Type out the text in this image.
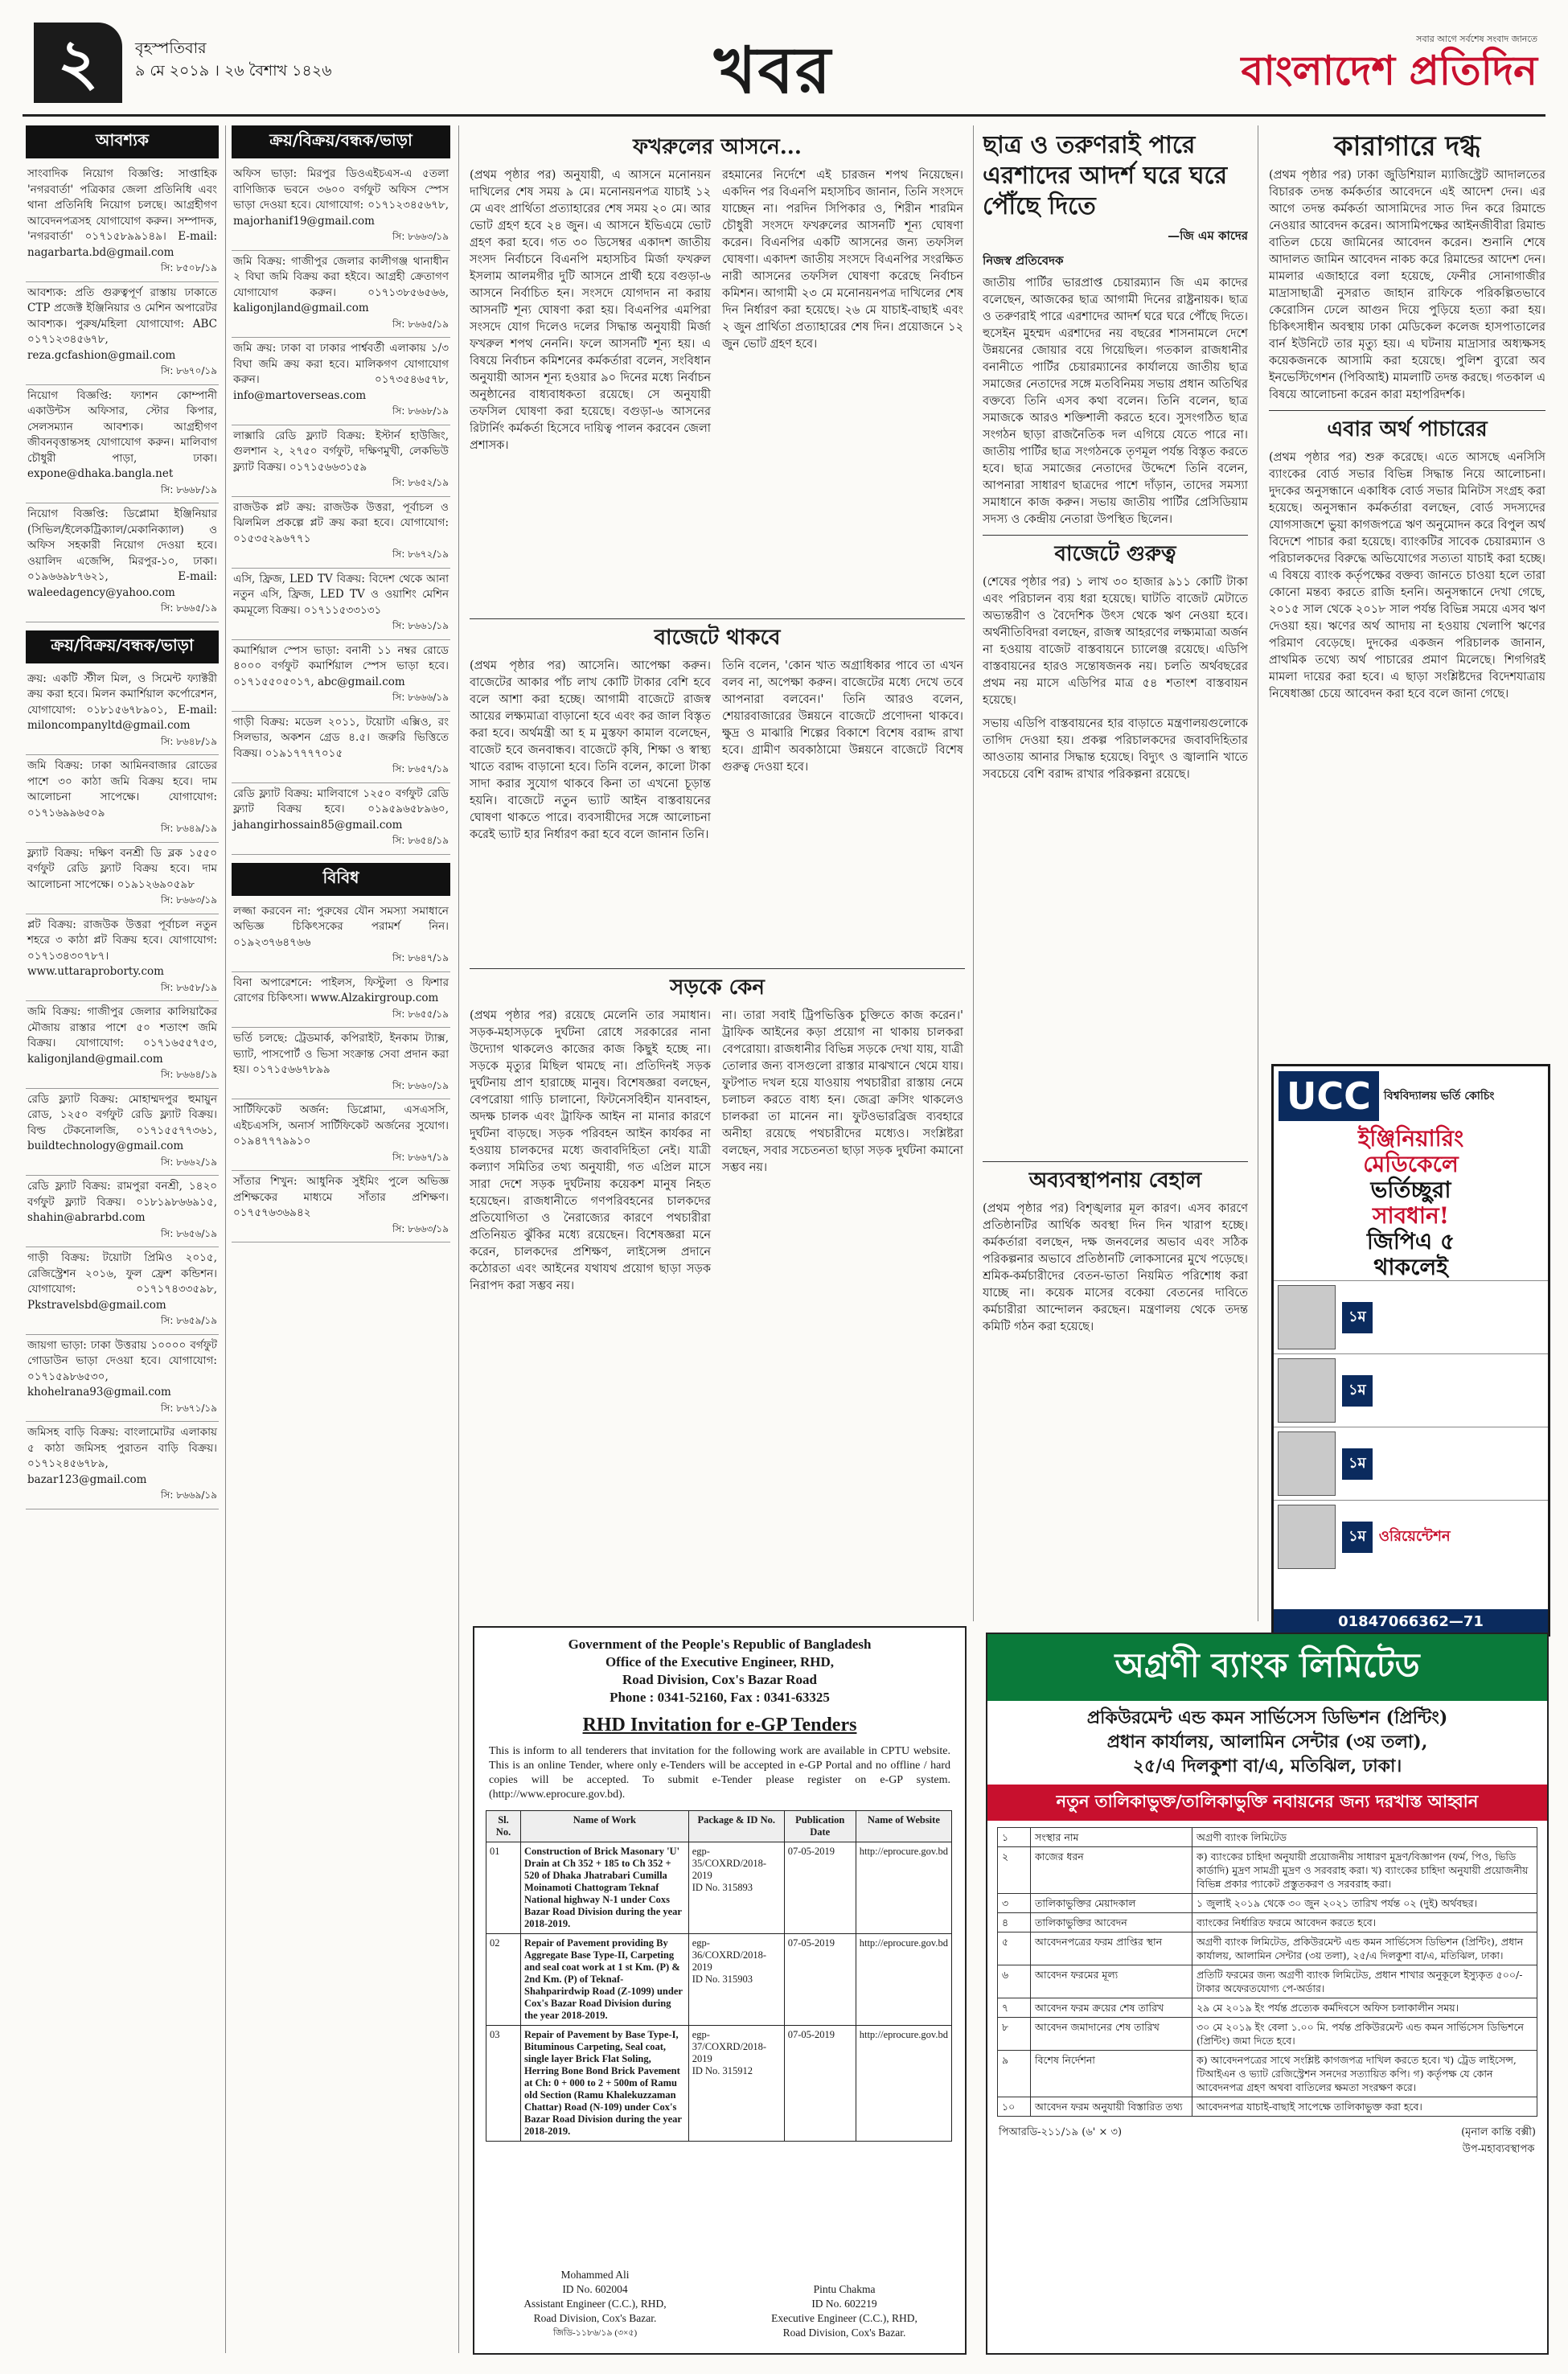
২	বৃহস্পতিবার
৯ মে ২০১৯ । ২৬ বৈশাখ ১৪২৬	খবর	সবার আগে সর্বশেষ সংবাদ জানতে
বাংলাদেশ প্রতিদিন
আবশ্যক
সাংবাদিক নিয়োগ বিজ্ঞপ্তি: সাপ্তাহিক 'নগরবার্তা' পত্রিকার জেলা প্রতিনিধি এবং থানা প্রতিনিধি নিয়োগ চলছে। আগ্রহীগণ আবেদনপত্রসহ যোগাযোগ করুন। সম্পাদক, 'নগরবার্তা' ০১৭১৫৮৯৯১৪৯। E-mail: nagarbarta.bd@gmail.com
সি: ৮৫০৮/১৯
আবশ্যক: প্রতি গুরুত্বপূর্ণ রাস্তায় ঢাকাতে CTP প্রজেক্ট ইঞ্জিনিয়ার ও মেশিন অপারেটর আবশ্যক। পুরুষ/মহিলা যোগাযোগ: ABC ০১৭১২৩৪৫৬৭৮, reza.gcfashion@gmail.com
সি: ৮৬৭০/১৯
নিয়োগ বিজ্ঞপ্তি: ফ্যাশন কোম্পানী একাউন্টস অফিসার, স্টোর কিপার, সেলসম্যান আবশ্যক। আগ্রহীগণ জীবনবৃত্তান্তসহ যোগাযোগ করুন। মালিবাগ চৌধুরী পাড়া, ঢাকা। expone@dhaka.bangla.net
সি: ৮৬৬৮/১৯
নিয়োগ বিজ্ঞপ্তি: ডিপ্লোমা ইঞ্জিনিয়ার (সিভিল/ইলেকট্রিক্যাল/মেকানিক্যাল) ও অফিস সহকারী নিয়োগ দেওয়া হবে। ওয়ালিদ এজেন্সি, মিরপুর-১০, ঢাকা। ০১৯৬৬৯৮৭৬২১, E-mail: waleedagency@yahoo.com
সি: ৮৬৬৫/১৯
ক্রয়/বিক্রয়/বন্ধক/ভাড়া
ক্রয়: একটি স্টীল মিল, ও সিমেন্ট ফ্যাক্টরী ক্রয় করা হবে। মিলন কমার্শিয়াল কর্পোরেশন, যোগাযোগ: ০১৮১৫৬৭৮৯০১, E-mail: miloncompanyltd@gmail.com
সি: ৮৬৪৮/১৯
জমি বিক্রয়: ঢাকা আমিনবাজার রোডের পাশে ৩০ কাঠা জমি বিক্রয় হবে। দাম আলোচনা সাপেক্ষে। যোগাযোগ: ০১৭১৬৯৯৬৫০৯
সি: ৮৬৪৯/১৯
ফ্ল্যাট বিক্রয়: দক্ষিণ বনশ্রী ডি ব্লক ১৫৫০ বর্গফুট রেডি ফ্ল্যাট বিক্রয় হবে। দাম আলোচনা সাপেক্ষে। ০১৯১২৬৯০৫৯৮
সি: ৮৬৬৩/১৯
প্লট বিক্রয়: রাজউক উত্তরা পূর্বাচল নতুন শহরে ৩ কাঠা প্লট বিক্রয় হবে। যোগাযোগ: ০১৭১৩৪৩০৭৮৭। www.uttaraproborty.com
সি: ৮৬৫৮/১৯
জমি বিক্রয়: গাজীপুর জেলার কালিয়াকৈর মৌজায় রাস্তার পাশে ৫০ শতাংশ জমি বিক্রয়। যোগাযোগ: ০১৭১৬৫৫৭৫৩, kaligonjland@gmail.com
সি: ৮৬৬৪/১৯
রেডি ফ্ল্যাট বিক্রয়: মোহাম্মদপুর হুমায়ুন রোড, ১২৫০ বর্গফুট রেডি ফ্ল্যাট বিক্রয়। বিল্ড টেকনোলজি, ০১৭১৫৫৭৭৩৬১, buildtechnology@gmail.com
সি: ৮৬৬২/১৯
রেডি ফ্ল্যাট বিক্রয়: রামপুরা বনশ্রী, ১৪২০ বর্গফুট ফ্ল্যাট বিক্রয়। ০১৮১৯৮৬৬৯১৫, shahin@abrarbd.com
সি: ৮৬৫৬/১৯
গাড়ী বিক্রয়: টয়োটা প্রিমিও ২০১৫, রেজিস্ট্রেশন ২০১৬, ফুল ফ্রেশ কন্ডিশন। যোগাযোগ: ০১৭১৭৪৩৩৫৯৮, Pkstravelsbd@gmail.com
সি: ৮৬৫৯/১৯
জায়গা ভাড়া: ঢাকা উত্তরায় ১০০০০ বর্গফুট গোডাউন ভাড়া দেওয়া হবে। যোগাযোগ: ০১৭১৫৯৮৬৫৩০, khohelrana93@gmail.com
সি: ৮৬৭১/১৯
জমিসহ বাড়ি বিক্রয়: বাংলামোটর এলাকায় ৫ কাঠা জমিসহ পুরাতন বাড়ি বিক্রয়। ০১৭১২৪৫৬৭৮৯, bazar123@gmail.com
সি: ৮৬৬৯/১৯
ক্রয়/বিক্রয়/বন্ধক/ভাড়া
অফিস ভাড়া: মিরপুর ডিওএইচএস-এ ৫তলা বাণিজ্যিক ভবনে ৩৬০০ বর্গফুট অফিস স্পেস ভাড়া দেওয়া হবে। যোগাযোগ: ০১৭১২৩৪৫৬৭৮, majorhanif19@gmail.com
সি: ৮৬৬৩/১৯
জমি বিক্রয়: গাজীপুর জেলার কালীগঞ্জ থানাধীন ২ বিঘা জমি বিক্রয় করা হইবে। আগ্রহী ক্রেতাগণ যোগাযোগ করুন। ০১৭১৩৮৫৬৫৬৬, kaligonjland@gmail.com
সি: ৮৬৬৫/১৯
জমি ক্রয়: ঢাকা বা ঢাকার পার্শ্ববর্তী এলাকায় ১/৩ বিঘা জমি ক্রয় করা হবে। মালিকগণ যোগাযোগ করুন। ০১৭৩৫৪৬৫৭৮, info@martoverseas.com
সি: ৮৬৬৮/১৯
লাক্সারি রেডি ফ্ল্যাট বিক্রয়: ইস্টার্ন হাউজিং, গুলশান ২, ২৭৫০ বর্গফুট, দক্ষিণমুখী, লেকভিউ ফ্ল্যাট বিক্রয়। ০১৭১৫৬৬৩১৫৯
সি: ৮৬৫২/১৯
রাজউক প্লট ক্রয়: রাজউক উত্তরা, পূর্বাচল ও ঝিলমিল প্রকল্পে প্লট ক্রয় করা হবে। যোগাযোগ: ০১৫৩৫২৯৬৭৭১
সি: ৮৬৭২/১৯
এসি, ফ্রিজ, LED TV বিক্রয়: বিদেশ থেকে আনা নতুন এসি, ফ্রিজ, LED TV ও ওয়াশিং মেশিন কমমূল্যে বিক্রয়। ০১৭১১৫৩৩১৩১
সি: ৮৬৬১/১৯
কমার্শিয়াল স্পেস ভাড়া: বনানী ১১ নম্বর রোডে ৪০০০ বর্গফুট কমার্শিয়াল স্পেস ভাড়া হবে। ০১৭১৫৫০৫০১৭, abc@gmail.com
সি: ৮৬৬৬/১৯
গাড়ী বিক্রয়: মডেল ২০১১, টয়োটা এক্সিও, রং সিলভার, অকশন গ্রেড ৪.৫। জরুরি ভিত্তিতে বিক্রয়। ০১৯১৭৭৭৭০১৫
সি: ৮৬৫৭/১৯
রেডি ফ্ল্যাট বিক্রয়: মালিবাগে ১২৫০ বর্গফুট রেডি ফ্ল্যাট বিক্রয় হবে। ০১৯৫৯৬৫৮৯৬০, jahangirhossain85@gmail.com
সি: ৮৬৫৪/১৯
বিবিধ
লজ্জা করবেন না: পুরুষের যৌন সমস্যা সমাধানে অভিজ্ঞ চিকিৎসকের পরামর্শ নিন। ০১৯২৩৭৬৪৭৬৬
সি: ৮৬৪৭/১৯
বিনা অপারেশনে: পাইলস, ফিস্টুলা ও ফিশার রোগের চিকিৎসা। www.Alzakirgroup.com
সি: ৮৬৫৫/১৯
ভর্তি চলছে: ট্রেডমার্ক, কপিরাইট, ইনকাম ট্যাক্স, ভ্যাট, পাসপোর্ট ও ভিসা সংক্রান্ত সেবা প্রদান করা হয়। ০১৭১৫৬৬৭৮৯৯
সি: ৮৬৬০/১৯
সার্টিফিকেট অর্জন: ডিপ্লোমা, এসএসসি, এইচএসসি, অনার্স সার্টিফিকেট অর্জনের সুযোগ। ০১৯৪৭৭৭৯৯১০
সি: ৮৬৬৭/১৯
সাঁতার শিখুন: আধুনিক সুইমিং পুলে অভিজ্ঞ প্রশিক্ষকের মাধ্যমে সাঁতার প্রশিক্ষণ। ০১৭৫৭৬৩৬৯৪২
সি: ৮৬৬৩/১৯
ফখরুলের আসনে...

(প্রথম পৃষ্ঠার পর) অনুযায়ী, এ আসনে মনোনয়ন দাখিলের শেষ সময় ৯ মে। মনোনয়নপত্র যাচাই ১২ মে এবং প্রার্থিতা প্রত্যাহারের শেষ সময় ২০ মে। আর ভোট গ্রহণ হবে ২৪ জুন। এ আসনে ইভিএমে ভোট গ্রহণ করা হবে। গত ৩০ ডিসেম্বর একাদশ জাতীয় সংসদ নির্বাচনে বিএনপি মহাসচিব মির্জা ফখরুল ইসলাম আলমগীর দুটি আসনে প্রার্থী হয়ে বগুড়া-৬ আসনে নির্বাচিত হন। সংসদে যোগদান না করায় আসনটি শূন্য ঘোষণা করা হয়। বিএনপির এমপিরা সংসদে যোগ দিলেও দলের সিদ্ধান্ত অনুযায়ী মির্জা ফখরুল শপথ নেননি। ফলে আসনটি শূন্য হয়। এ বিষয়ে নির্বাচন কমিশনের কর্মকর্তারা বলেন, সংবিধান অনুযায়ী আসন শূন্য হওয়ার ৯০ দিনের মধ্যে নির্বাচন অনুষ্ঠানের বাধ্যবাধকতা রয়েছে। সে অনুযায়ী তফসিল ঘোষণা করা হয়েছে। বগুড়া-৬ আসনের রিটার্নিং কর্মকর্তা হিসেবে দায়িত্ব পালন করবেন জেলা প্রশাসক।

রহমানের নির্দেশে এই চারজন শপথ নিয়েছেন। একদিন পর বিএনপি মহাসচিব জানান, তিনি সংসদে যাচ্ছেন না। পরদিন সিপিকার ও, শিরীন শারমিন চৌধুরী সংসদে ফখরুলের আসনটি শূন্য ঘোষণা করেন। বিএনপির একটি আসনের জন্য তফসিল ঘোষণা। একাদশ জাতীয় সংসদে বিএনপির সংরক্ষিত নারী আসনের তফসিল ঘোষণা করেছে নির্বাচন কমিশন। আগামী ২৩ মে মনোনয়নপত্র দাখিলের শেষ দিন নির্ধারণ করা হয়েছে। ২৬ মে যাচাই-বাছাই এবং ২ জুন প্রার্থিতা প্রত্যাহারের শেষ দিন। প্রয়োজনে ১২ জুন ভোট গ্রহণ হবে।

বাজেটে থাকবে

(প্রথম পৃষ্ঠার পর) আসেনি। আপেক্ষা করুন। বাজেটের আকার পাঁচ লাখ কোটি টাকার বেশি হবে বলে আশা করা হচ্ছে। আগামী বাজেটে রাজস্ব আয়ের লক্ষ্যমাত্রা বাড়ানো হবে এবং কর জাল বিস্তৃত করা হবে। অর্থমন্ত্রী আ হ ম মুস্তফা কামাল বলেছেন, বাজেট হবে জনবান্ধব। বাজেটে কৃষি, শিক্ষা ও স্বাস্থ্য খাতে বরাদ্দ বাড়ানো হবে। তিনি বলেন, কালো টাকা সাদা করার সুযোগ থাকবে কিনা তা এখনো চূড়ান্ত হয়নি। বাজেটে নতুন ভ্যাট আইন বাস্তবায়নের ঘোষণা থাকতে পারে। ব্যবসায়ীদের সঙ্গে আলোচনা করেই ভ্যাট হার নির্ধারণ করা হবে বলে জানান তিনি।

তিনি বলেন, 'কোন খাত অগ্রাধিকার পাবে তা এখন বলব না, অপেক্ষা করুন। বাজেটের মধ্যে দেখে তবে আপনারা বলবেন।' তিনি আরও বলেন, শেয়ারবাজারের উন্নয়নে বাজেটে প্রণোদনা থাকবে। ক্ষুদ্র ও মাঝারি শিল্পের বিকাশে বিশেষ বরাদ্দ রাখা হবে। গ্রামীণ অবকাঠামো উন্নয়নে বাজেটে বিশেষ গুরুত্ব দেওয়া হবে।

সড়কে কেন

(প্রথম পৃষ্ঠার পর) রয়েছে মেলেনি তার সমাধান। সড়ক-মহাসড়কে দুর্ঘটনা রোধে সরকারের নানা উদ্যোগ থাকলেও কাজের কাজ কিছুই হচ্ছে না। সড়কে মৃত্যুর মিছিল থামছে না। প্রতিদিনই সড়ক দুর্ঘটনায় প্রাণ হারাচ্ছে মানুষ। বিশেষজ্ঞরা বলছেন, বেপরোয়া গাড়ি চালানো, ফিটনেসবিহীন যানবাহন, অদক্ষ চালক এবং ট্রাফিক আইন না মানার কারণে দুর্ঘটনা বাড়ছে। সড়ক পরিবহন আইন কার্যকর না হওয়ায় চালকদের মধ্যে জবাবদিহিতা নেই। যাত্রী কল্যাণ সমিতির তথ্য অনুযায়ী, গত এপ্রিল মাসে সারা দেশে সড়ক দুর্ঘটনায় কয়েকশ মানুষ নিহত হয়েছেন। রাজধানীতে গণপরিবহনের চালকদের প্রতিযোগিতা ও নৈরাজ্যের কারণে পথচারীরা প্রতিনিয়ত ঝুঁকির মধ্যে রয়েছেন। বিশেষজ্ঞরা মনে করেন, চালকদের প্রশিক্ষণ, লাইসেন্স প্রদানে কঠোরতা এবং আইনের যথাযথ প্রয়োগ ছাড়া সড়ক নিরাপদ করা সম্ভব নয়।

না। তারা সবাই ট্রিপভিত্তিক চুক্তিতে কাজ করেন।' ট্রাফিক আইনের কড়া প্রয়োগ না থাকায় চালকরা বেপরোয়া। রাজধানীর বিভিন্ন সড়কে দেখা যায়, যাত্রী তোলার জন্য বাসগুলো রাস্তার মাঝখানে থেমে যায়। ফুটপাত দখল হয়ে যাওয়ায় পথচারীরা রাস্তায় নেমে চলাচল করতে বাধ্য হন। জেব্রা ক্রসিং থাকলেও চালকরা তা মানেন না। ফুটওভারব্রিজ ব্যবহারে অনীহা রয়েছে পথচারীদের মধ্যেও। সংশ্লিষ্টরা বলছেন, সবার সচেতনতা ছাড়া সড়ক দুর্ঘটনা কমানো সম্ভব নয়।

ছাত্র ও তরুণরাই পারে এরশাদের আদর্শ ঘরে ঘরে পৌঁছে দিতে
—জি এম কাদের
নিজস্ব প্রতিবেদক

জাতীয় পার্টির ভারপ্রাপ্ত চেয়ারম্যান জি এম কাদের বলেছেন, আজকের ছাত্র আগামী দিনের রাষ্ট্রনায়ক। ছাত্র ও তরুণরাই পারে এরশাদের আদর্শ ঘরে ঘরে পৌঁছে দিতে। হুসেইন মুহম্মদ এরশাদের নয় বছরের শাসনামলে দেশে উন্নয়নের জোয়ার বয়ে গিয়েছিল। গতকাল রাজধানীর বনানীতে পার্টির চেয়ারম্যানের কার্যালয়ে জাতীয় ছাত্র সমাজের নেতাদের সঙ্গে মতবিনিময় সভায় প্রধান অতিথির বক্তব্যে তিনি এসব কথা বলেন। তিনি বলেন, ছাত্র সমাজকে আরও শক্তিশালী করতে হবে। সুসংগঠিত ছাত্র সংগঠন ছাড়া রাজনৈতিক দল এগিয়ে যেতে পারে না। জাতীয় পার্টির ছাত্র সংগঠনকে তৃণমূল পর্যন্ত বিস্তৃত করতে হবে। ছাত্র সমাজের নেতাদের উদ্দেশে তিনি বলেন, আপনারা সাধারণ ছাত্রদের পাশে দাঁড়ান, তাদের সমস্যা সমাধানে কাজ করুন। সভায় জাতীয় পার্টির প্রেসিডিয়াম সদস্য ও কেন্দ্রীয় নেতারা উপস্থিত ছিলেন।

বাজেটে গুরুত্ব

(শেষের পৃষ্ঠার পর) ১ লাখ ৩০ হাজার ৯১১ কোটি টাকা এবং পরিচালন ব্যয় ধরা হয়েছে। ঘাটতি বাজেট মেটাতে অভ্যন্তরীণ ও বৈদেশিক উৎস থেকে ঋণ নেওয়া হবে। অর্থনীতিবিদরা বলছেন, রাজস্ব আহরণের লক্ষ্যমাত্রা অর্জন না হওয়ায় বাজেট বাস্তবায়নে চ্যালেঞ্জ রয়েছে। এডিপি বাস্তবায়নের হারও সন্তোষজনক নয়। চলতি অর্থবছরের প্রথম নয় মাসে এডিপির মাত্র ৫৪ শতাংশ বাস্তবায়ন হয়েছে।

সভায় এডিপি বাস্তবায়নের হার বাড়াতে মন্ত্রণালয়গুলোকে তাগিদ দেওয়া হয়। প্রকল্প পরিচালকদের জবাবদিহিতার আওতায় আনার সিদ্ধান্ত হয়েছে। বিদ্যুৎ ও জ্বালানি খাতে সবচেয়ে বেশি বরাদ্দ রাখার পরিকল্পনা রয়েছে।

অব্যবস্থাপনায় বেহাল

(প্রথম পৃষ্ঠার পর) বিশৃঙ্খলার মূল কারণ। এসব কারণে প্রতিষ্ঠানটির আর্থিক অবস্থা দিন দিন খারাপ হচ্ছে। কর্মকর্তারা বলছেন, দক্ষ জনবলের অভাব এবং সঠিক পরিকল্পনার অভাবে প্রতিষ্ঠানটি লোকসানের মুখে পড়েছে। শ্রমিক-কর্মচারীদের বেতন-ভাতা নিয়মিত পরিশোধ করা যাচ্ছে না। কয়েক মাসের বকেয়া বেতনের দাবিতে কর্মচারীরা আন্দোলন করছেন। মন্ত্রণালয় থেকে তদন্ত কমিটি গঠন করা হয়েছে।

কারাগারে দগ্ধ

(প্রথম পৃষ্ঠার পর) ঢাকা জুডিশিয়াল ম্যাজিস্ট্রেট আদালতের বিচারক তদন্ত কর্মকর্তার আবেদনে এই আদেশ দেন। এর আগে তদন্ত কর্মকর্তা আসামিদের সাত দিন করে রিমান্ডে নেওয়ার আবেদন করেন। আসামিপক্ষের আইনজীবীরা রিমান্ড বাতিল চেয়ে জামিনের আবেদন করেন। শুনানি শেষে আদালত জামিন আবেদন নাকচ করে রিমান্ডের আদেশ দেন। মামলার এজাহারে বলা হয়েছে, ফেনীর সোনাগাজীর মাদ্রাসাছাত্রী নুসরাত জাহান রাফিকে পরিকল্পিতভাবে কেরোসিন ঢেলে আগুন দিয়ে পুড়িয়ে হত্যা করা হয়। চিকিৎসাধীন অবস্থায় ঢাকা মেডিকেল কলেজ হাসপাতালের বার্ন ইউনিটে তার মৃত্যু হয়। এ ঘটনায় মাদ্রাসার অধ্যক্ষসহ কয়েকজনকে আসামি করা হয়েছে। পুলিশ ব্যুরো অব ইনভেস্টিগেশন (পিবিআই) মামলাটি তদন্ত করছে। গতকাল এ বিষয়ে আলোচনা করেন কারা মহাপরিদর্শক।

এবার অর্থ পাচারের

(প্রথম পৃষ্ঠার পর) শুরু করেছে। এতে আসছে এনসিসি ব্যাংকের বোর্ড সভার বিভিন্ন সিদ্ধান্ত নিয়ে আলোচনা। দুদকের অনুসন্ধানে একাধিক বোর্ড সভার মিনিটস সংগ্রহ করা হয়েছে। অনুসন্ধান কর্মকর্তারা বলছেন, বোর্ড সদস্যদের যোগসাজশে ভুয়া কাগজপত্রে ঋণ অনুমোদন করে বিপুল অর্থ বিদেশে পাচার করা হয়েছে। ব্যাংকটির সাবেক চেয়ারম্যান ও পরিচালকদের বিরুদ্ধে অভিযোগের সত্যতা যাচাই করা হচ্ছে। এ বিষয়ে ব্যাংক কর্তৃপক্ষের বক্তব্য জানতে চাওয়া হলে তারা কোনো মন্তব্য করতে রাজি হননি। অনুসন্ধানে দেখা গেছে, ২০১৫ সাল থেকে ২০১৮ সাল পর্যন্ত বিভিন্ন সময়ে এসব ঋণ দেওয়া হয়। ঋণের অর্থ আদায় না হওয়ায় খেলাপি ঋণের পরিমাণ বেড়েছে। দুদকের একজন পরিচালক জানান, প্রাথমিক তথ্যে অর্থ পাচারের প্রমাণ মিলেছে। শিগগিরই মামলা দায়ের করা হবে। এ ছাড়া সংশ্লিষ্টদের বিদেশযাত্রায় নিষেধাজ্ঞা চেয়ে আবেদন করা হবে বলে জানা গেছে।

UCC	বিশ্ববিদ্যালয় ভর্তি কোচিং
ইঞ্জিনিয়ারিং
মেডিকেলে
ভর্তিচ্ছুরা
সাবধান!
জিপিএ ৫
থাকলেই
১ম
১ম
১ম
১ম ওরিয়েন্টেশন
01847066362—71
Government of the People's Republic of Bangladesh
Office of the Executive Engineer, RHD,
Road Division, Cox's Bazar Road
Phone : 0341-52160, Fax : 0341-63325
RHD Invitation for e-GP Tenders
This is inform to all tenderers that invitation for the following work are available in CPTU website. This is an online Tender, where only e-Tenders will be accepted in e-GP Portal and no offline / hard copies will be accepted. To submit e-Tender please register on e-GP system. (http://www.eprocure.gov.bd).
Sl. No.	Name of Work	Package & ID No.	Publication Date	Name of Website

01	Construction of Brick Masonary 'U' Drain at Ch 352 + 185 to Ch 352 + 520 of Dhaka Jhatrabari Cumilla Moinamoti Chattogram Teknaf National highway N-1 under Coxs Bazar Road Division during the year 2018-2019.	egp-35/COXRD/2018-2019
ID No. 315893	07-05-2019	http://eprocure.gov.bd

02	Repair of Pavement providing By Aggregate Base Type-II, Carpeting and seal coat work at 1 st Km. (P) & 2nd Km. (P) of Teknaf-Shahparirdwip Road (Z-1099) under Cox's Bazar Road Division during the year 2018-2019.	egp-36/COXRD/2018-2019
ID No. 315903	07-05-2019	http://eprocure.gov.bd

03	Repair of Pavement by Base Type-I, Bituminous Carpeting, Seal coat, single layer Brick Flat Soling, Herring Bone Bond Brick Pavement at Ch: 0 + 000 to 2 + 500m of Ramu old Section (Ramu Khalekuzzaman Chattar) Road (N-109) under Cox's Bazar Road Division during the year 2018-2019.	egp-37/COXRD/2018-2019
ID No. 315912	07-05-2019	http://eprocure.gov.bd
Mohammed Ali
ID No. 602004
Assistant Engineer (C.C.), RHD,
Road Division, Cox's Bazar.
জিডি-১১৮৬/১৯ (৩×৫)
Pintu Chakma
ID No. 602219
Executive Engineer (C.C.), RHD,
Road Division, Cox's Bazar.
অগ্রণী ব্যাংক লিমিটেড
প্রকিউরমেন্ট এন্ড কমন সার্ভিসেস ডিভিশন (প্রিন্টিং)
প্রধান কার্যালয়, আলামিন সেন্টার (৩য় তলা),
২৫/এ দিলকুশা বা/এ, মতিঝিল, ঢাকা।
নতুন তালিকাভুক্ত/তালিকাভুক্তি নবায়নের জন্য দরখাস্ত আহ্বান
১	সংস্থার নাম	অগ্রণী ব্যাংক লিমিটেড
২	কাজের ধরন	ক) ব্যাংকের চাহিদা অনুযায়ী প্রয়োজনীয় সাধারণ মুদ্রণ/বিজ্ঞাপন (ফর্ম, পিও, ভিডি কার্ডাদি) মুদ্রণ সামগ্রী মুদ্রণ ও সরবরাহ করা। খ) ব্যাংকের চাহিদা অনুযায়ী প্রয়োজনীয় বিভিন্ন প্রকার প্যাকেট প্রস্তুতকরণ ও সরবরাহ করা।
৩	তালিকাভুক্তির মেয়াদকাল	১ জুলাই ২০১৯ থেকে ৩০ জুন ২০২১ তারিখ পর্যন্ত ০২ (দুই) অর্থবছর।
৪	তালিকাভুক্তির আবেদন	ব্যাংকের নির্ধারিত ফরমে আবেদন করতে হবে।
৫	আবেদনপত্রের ফরম প্রাপ্তির স্থান	অগ্রণী ব্যাংক লিমিটেড, প্রকিউরমেন্ট এন্ড কমন সার্ভিসেস ডিভিশন (প্রিন্টিং), প্রধান কার্যালয়, আলামিন সেন্টার (৩য় তলা), ২৫/এ দিলকুশা বা/এ, মতিঝিল, ঢাকা।
৬	আবেদন ফরমের মূল্য	প্রতিটি ফরমের জন্য অগ্রণী ব্যাংক লিমিটেড, প্রধান শাখার অনুকূলে ইস্যুকৃত ৫০০/- টাকার অফেরতযোগ্য পে-অর্ডার।
৭	আবেদন ফরম ক্রয়ের শেষ তারিখ	২৯ মে ২০১৯ ইং পর্যন্ত প্রত্যেক কর্মদিবসে অফিস চলাকালীন সময়।
৮	আবেদন জমাদানের শেষ তারিখ	৩০ মে ২০১৯ ইং বেলা ১.০০ মি. পর্যন্ত প্রকিউরমেন্ট এন্ড কমন সার্ভিসেস ডিভিশনে (প্রিন্টিং) জমা দিতে হবে।
৯	বিশেষ নির্দেশনা	ক) আবেদনপত্রের সাথে সংশ্লিষ্ট কাগজপত্র দাখিল করতে হবে। খ) ট্রেড লাইসেন্স, টিআইএন ও ভ্যাট রেজিস্ট্রেশন সনদের সত্যায়িত কপি। গ) কর্তৃপক্ষ যে কোন আবেদনপত্র গ্রহণ অথবা বাতিলের ক্ষমতা সংরক্ষণ করে।
১০	আবেদন ফরম অনুযায়ী বিস্তারিত তথ্য	আবেদনপত্র যাচাই-বাছাই সাপেক্ষে তালিকাভুক্ত করা হবে।
পিআরডি-২১১/১৯ (৬' × ৩)	(মৃনাল কান্তি বক্সী)
উপ-মহাব্যবস্থাপক
